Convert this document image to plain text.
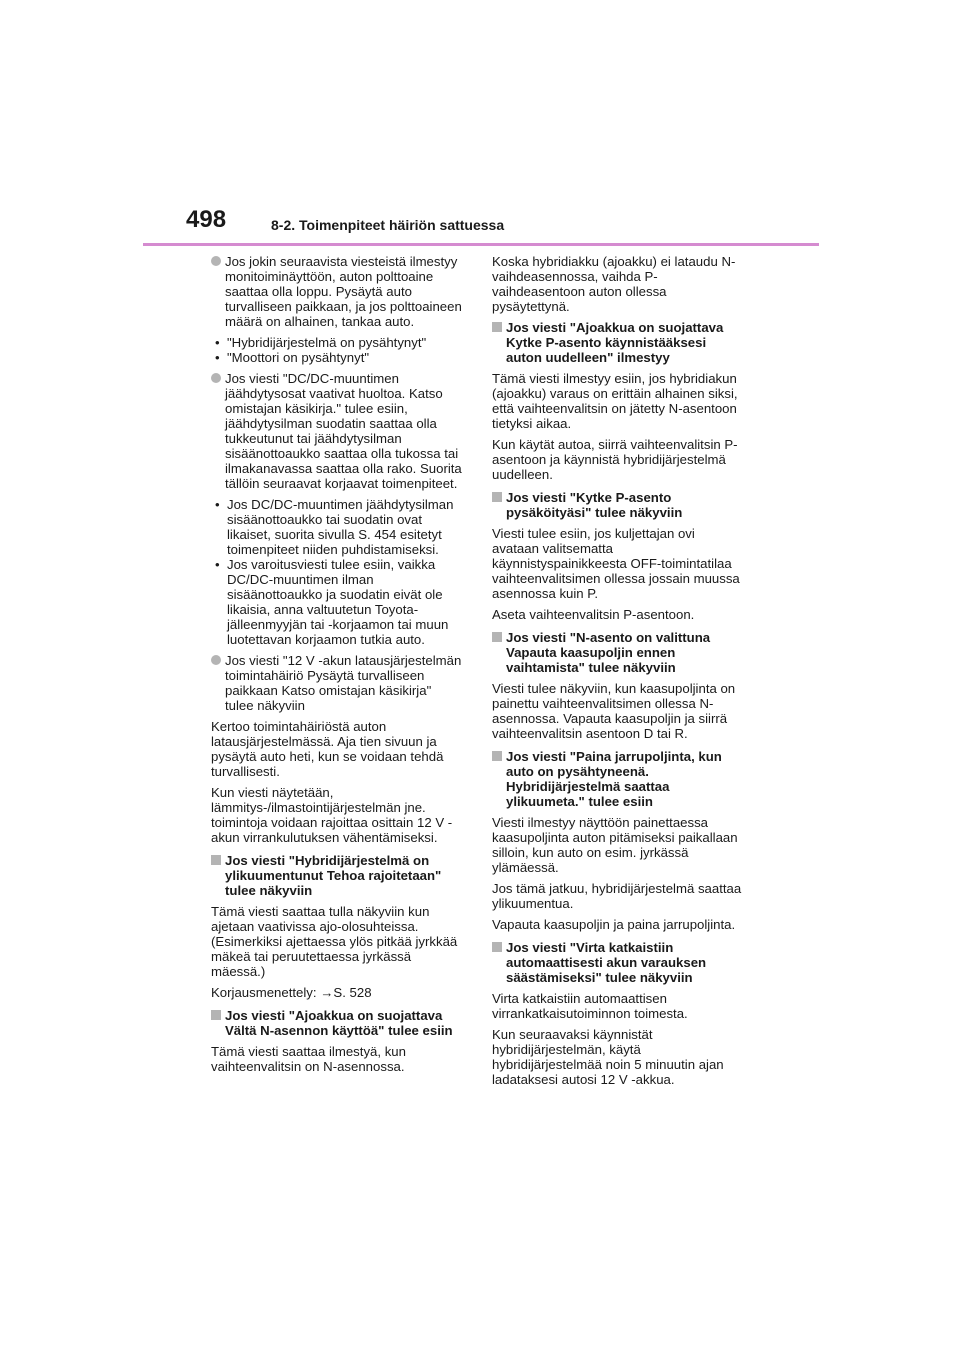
498	8-2. Toimenpiteet häiriön sattuessa
Jos jokin seuraavista viesteistä ilmestyy monitoiminäyttöön, auton polttoaine saattaa olla loppu. Pysäytä auto turvalliseen paikkaan, ja jos polttoaineen määrä on alhainen, tankaa auto.
• "Hybridijärjestelmä on pysähtynyt"
• "Moottori on pysähtynyt"
Jos viesti "DC/DC-muuntimen jäähdytysosat vaativat huoltoa. Katso omistajan käsikirja." tulee esiin, jäähdytysilman suodatin saattaa olla tukkeutunut tai jäähdytysilman sisäänottoaukko saattaa olla tukossa tai ilmakanavassa saattaa olla rako. Suorita tällöin seuraavat korjaavat toimenpiteet.
• Jos DC/DC-muuntimen jäähdytysilman sisäänottoaukko tai suodatin ovat likaiset, suorita sivulla S. 454 esitetyt toimenpiteet niiden puhdistamiseksi.
• Jos varoitusviesti tulee esiin, vaikka DC/DC-muuntimen ilman sisäänottoaukko ja suodatin eivät ole likaisia, anna valtuutetun Toyota-jälleenmyyjän tai -korjaamon tai muun luotettavan korjaamon tutkia auto.
Jos viesti "12 V -akun latausjärjestelmän toimintahäiriö Pysäytä turvalliseen paikkaan Katso omistajan käsikirja" tulee näkyviin

Kertoo toimintahäiriöstä auton latausjärjestelmässä. Aja tien sivuun ja pysäytä auto heti, kun se voidaan tehdä turvallisesti.

Kun viesti näytetään, lämmitys-/ilmastointijärjestelmän jne. toimintoja voidaan rajoittaa osittain 12 V -akun virrankulutuksen vähentämiseksi.

Jos viesti "Hybridijärjestelmä on ylikuumentunut Tehoa rajoitetaan" tulee näkyviin

Tämä viesti saattaa tulla näkyviin kun ajetaan vaativissa ajo-olosuhteissa. (Esimerkiksi ajettaessa ylös pitkää jyrkkää mäkeä tai peruutettaessa jyrkässä mäessä.)

Korjausmenettely: →S. 528

Jos viesti "Ajoakkua on suojattava Vältä N-asennon käyttöä" tulee esiin

Tämä viesti saattaa ilmestyä, kun vaihteenvalitsin on N-asennossa.

Koska hybridiakku (ajoakku) ei lataudu N-vaihdeasennossa, vaihda P-vaihdeasentoon auton ollessa pysäytettynä.

Jos viesti "Ajoakkua on suojattava Kytke P-asento käynnistääksesi auton uudelleen" ilmestyy

Tämä viesti ilmestyy esiin, jos hybridiakun (ajoakku) varaus on erittäin alhainen siksi, että vaihteenvalitsin on jätetty N-asentoon tietyksi aikaa.

Kun käytät autoa, siirrä vaihteenvalitsin P-asentoon ja käynnistä hybridijärjestelmä uudelleen.

Jos viesti "Kytke P-asento pysäköityäsi" tulee näkyviin

Viesti tulee esiin, jos kuljettajan ovi avataan valitsematta käynnistyspainikkeesta OFF-toimintatilaa vaihteenvalitsimen ollessa jossain muussa asennossa kuin P.

Aseta vaihteenvalitsin P-asentoon.

Jos viesti "N-asento on valittuna Vapauta kaasupoljin ennen vaihtamista" tulee näkyviin

Viesti tulee näkyviin, kun kaasupoljinta on painettu vaihteenvalitsimen ollessa N-asennossa. Vapauta kaasupoljin ja siirrä vaihteenvalitsin asentoon D tai R.

Jos viesti "Paina jarrupoljinta, kun auto on pysähtyneenä. Hybridijärjestelmä saattaa ylikuumeta." tulee esiin

Viesti ilmestyy näyttöön painettaessa kaasupoljinta auton pitämiseksi paikallaan silloin, kun auto on esim. jyrkässä ylämäessä.

Jos tämä jatkuu, hybridijärjestelmä saattaa ylikuumentua.

Vapauta kaasupoljin ja paina jarrupoljinta.

Jos viesti "Virta katkaistiin automaattisesti akun varauksen säästämiseksi" tulee näkyviin

Virta katkaistiin automaattisen virrankatkaisutoiminnon toimesta.

Kun seuraavaksi käynnistät hybridijärjestelmän, käytä hybridijärjestelmää noin 5 minuutin ajan ladataksesi autosi 12 V -akkua.
